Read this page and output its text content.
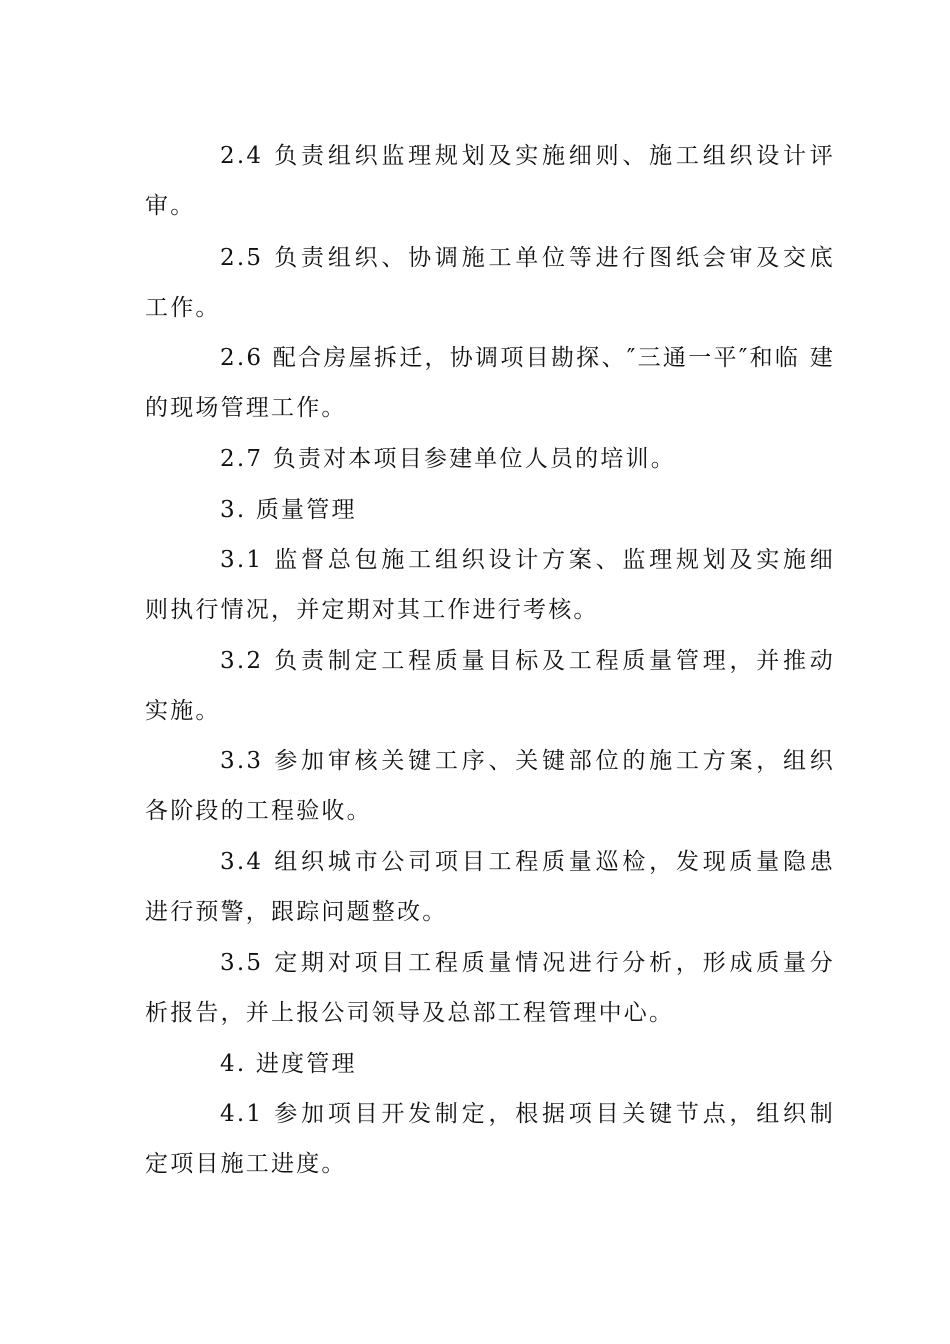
2.4 负责组织监理规划及实施细则、施工组织设计评审。

2.5 负责组织、协调施工单位等进行图纸会审及交底 工作。

2.6 配合房屋拆迁，协调项目勘探、″三通一平″和临 建的现场管理工作。

2.7 负责对本项目参建单位人员的培训。

3. 质量管理

3.1 监督总包施工组织设计方案、监理规划及实施细 则执行情况，并定期对其工作进行考核。

3.2 负责制定工程质量目标及工程质量管理，并推动 实施。

3.3 参加审核关键工序、关键部位的施工方案，组织 各阶段的工程验收。

3.4 组织城市公司项目工程质量巡检，发现质量隐患 进行预警，跟踪问题整改。

3.5 定期对项目工程质量情况进行分析，形成质量分 析报告，并上报公司领导及总部工程管理中心。

4. 进度管理

4.1 参加项目开发制定，根据项目关键节点，组织制 定项目施工进度。
